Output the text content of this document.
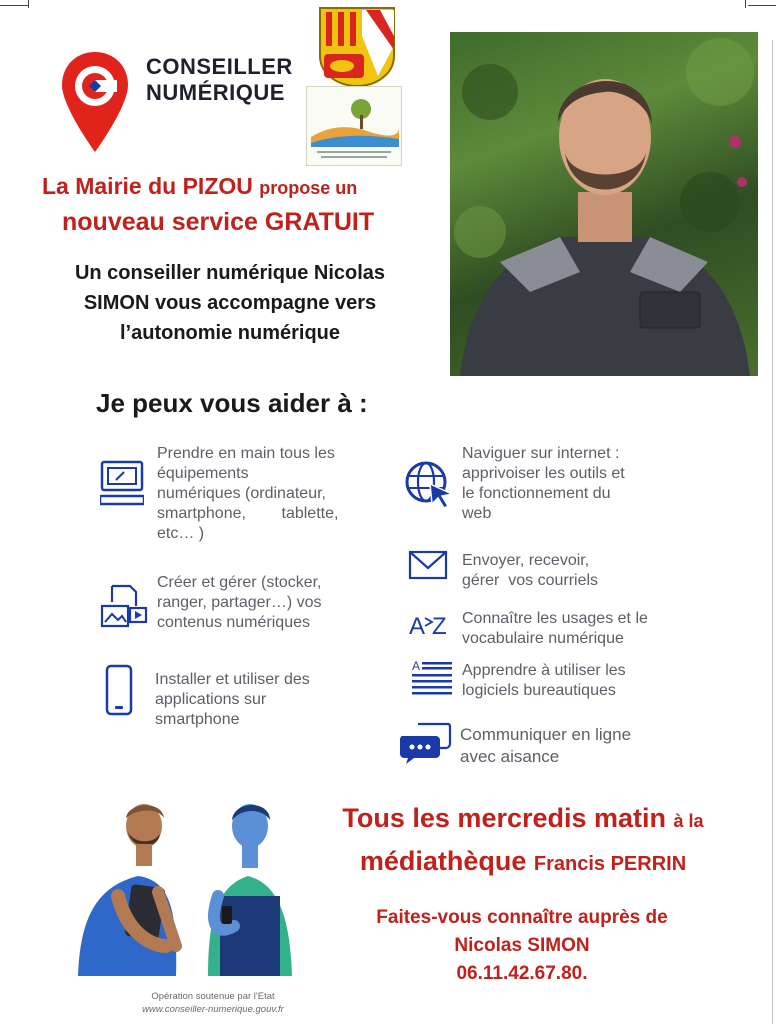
CONSEILLER
NUMÉRIQUE
La Mairie du PIZOU propose un
nouveau service GRATUIT
Un conseiller numérique Nicolas
SIMON vous accompagne vers
l’autonomie numérique
Je peux vous aider à :
Prendre en main tous les
équipements
numériques (ordinateur,
smartphone,        tablette,
etc… )
Créer et gérer (stocker,
ranger, partager…) vos
contenus numériques
Installer et utiliser des
applications sur
smartphone
Naviguer sur internet :
apprivoiser les outils et
le fonctionnement du
web
Envoyer, recevoir,
gérer  vos courriels
A Z Connaître les usages et le
vocabulaire numérique
A	Apprendre à utiliser les
logiciels bureautiques
Communiquer en ligne
avec aisance
Tous les mercredis matin à la
médiathèque Francis PERRIN
Faites-vous connaître auprès de
Nicolas SIMON
06.11.42.67.80.
Opération soutenue par l'Etat
www.conseiller-numerique.gouv.fr
